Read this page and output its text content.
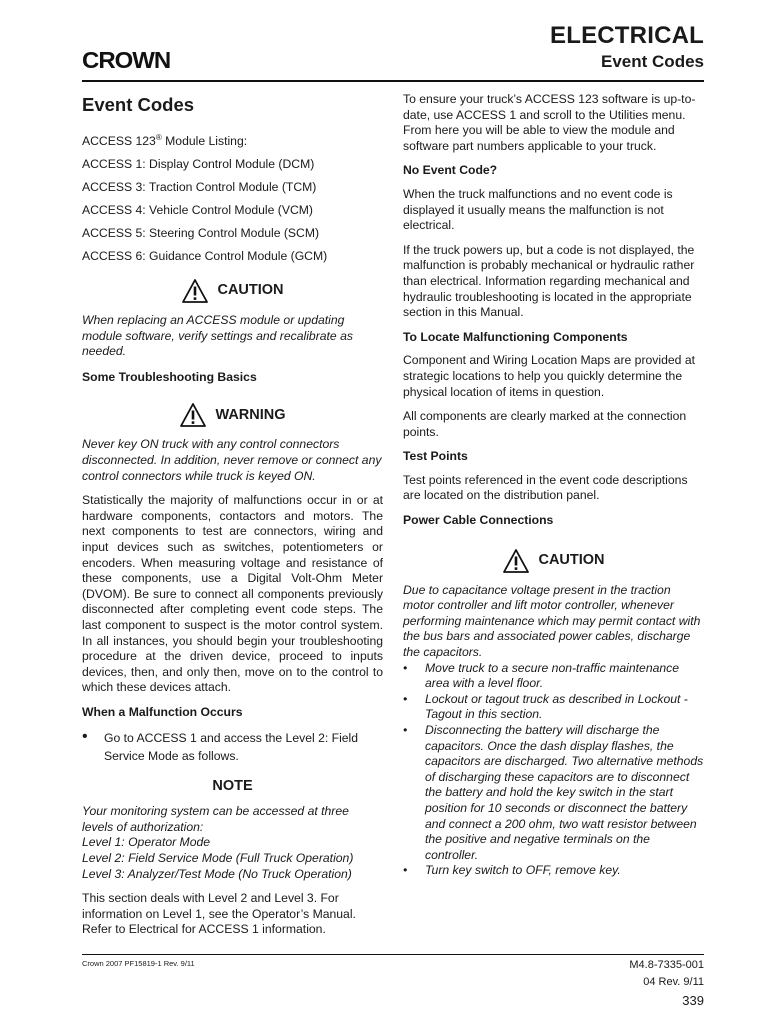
CROWN
ELECTRICAL
Event Codes
Event Codes

ACCESS 123® Module Listing:

ACCESS 1: Display Control Module (DCM)

ACCESS 3: Traction Control Module (TCM)

ACCESS 4: Vehicle Control Module (VCM)

ACCESS 5: Steering Control Module (SCM)

ACCESS 6: Guidance Control Module (GCM)

CAUTION

When replacing an ACCESS module or updating module software, verify settings and recalibrate as needed.

Some Troubleshooting Basics

WARNING

Never key ON truck with any control connectors disconnected. In addition, never remove or connect any control connectors while truck is keyed ON.

Statistically the majority of malfunctions occur in or at hardware components, contactors and motors. The next components to test are connectors, wiring and input devices such as switches, potentiometers or encoders. When measuring voltage and resistance of these components, use a Digital Volt-Ohm Meter (DVOM). Be sure to connect all components previously disconnected after completing event code steps. The last component to suspect is the motor control system. In all instances, you should begin your troubleshooting procedure at the driven device, proceed to inputs devices, then, and only then, move on to the control to which these devices attach.

When a Malfunction Occurs

•	Go to ACCESS 1 and access the Level 2: Field Service Mode as follows.
NOTE
Your monitoring system can be accessed at three levels of authorization:
Level 1: Operator Mode
Level 2: Field Service Mode (Full Truck Operation)
Level 3: Analyzer/Test Mode (No Truck Operation)

This section deals with Level 2 and Level 3. For information on Level 1, see the Operator’s Manual. Refer to Electrical for ACCESS 1 information.

To ensure your truck’s ACCESS 123 software is up-to-date, use ACCESS 1 and scroll to the Utilities menu. From here you will be able to view the module and software part numbers applicable to your truck.

No Event Code?

When the truck malfunctions and no event code is displayed it usually means the malfunction is not electrical.

If the truck powers up, but a code is not displayed, the malfunction is probably mechanical or hydraulic rather than electrical. Information regarding mechanical and hydraulic troubleshooting is located in the appropriate section in this Manual.

To Locate Malfunctioning Components

Component and Wiring Location Maps are provided at strategic locations to help you quickly determine the physical location of items in question.

All components are clearly marked at the connection points.

Test Points

Test points referenced in the event code descriptions are located on the distribution panel.

Power Cable Connections

CAUTION
Due to capacitance voltage present in the traction motor controller and lift motor controller, whenever performing maintenance which may permit contact with the bus bars and associated power cables, discharge the capacitors.
•	Move truck to a secure non-traffic maintenance area with a level floor.
•	Lockout or tagout truck as described in Lockout - Tagout in this section.
•	Disconnecting the battery will discharge the capacitors. Once the dash display flashes, the capacitors are discharged. Two alternative methods of discharging these capacitors are to disconnect the battery and hold the key switch in the start position for 10 seconds or disconnect the battery and connect a 200 ohm, two watt resistor between the positive and negative terminals on the controller.
•	Turn key switch to OFF, remove key.
Crown 2007 PF15819-1 Rev. 9/11	M4.8-7335-001
04 Rev. 9/11
339
